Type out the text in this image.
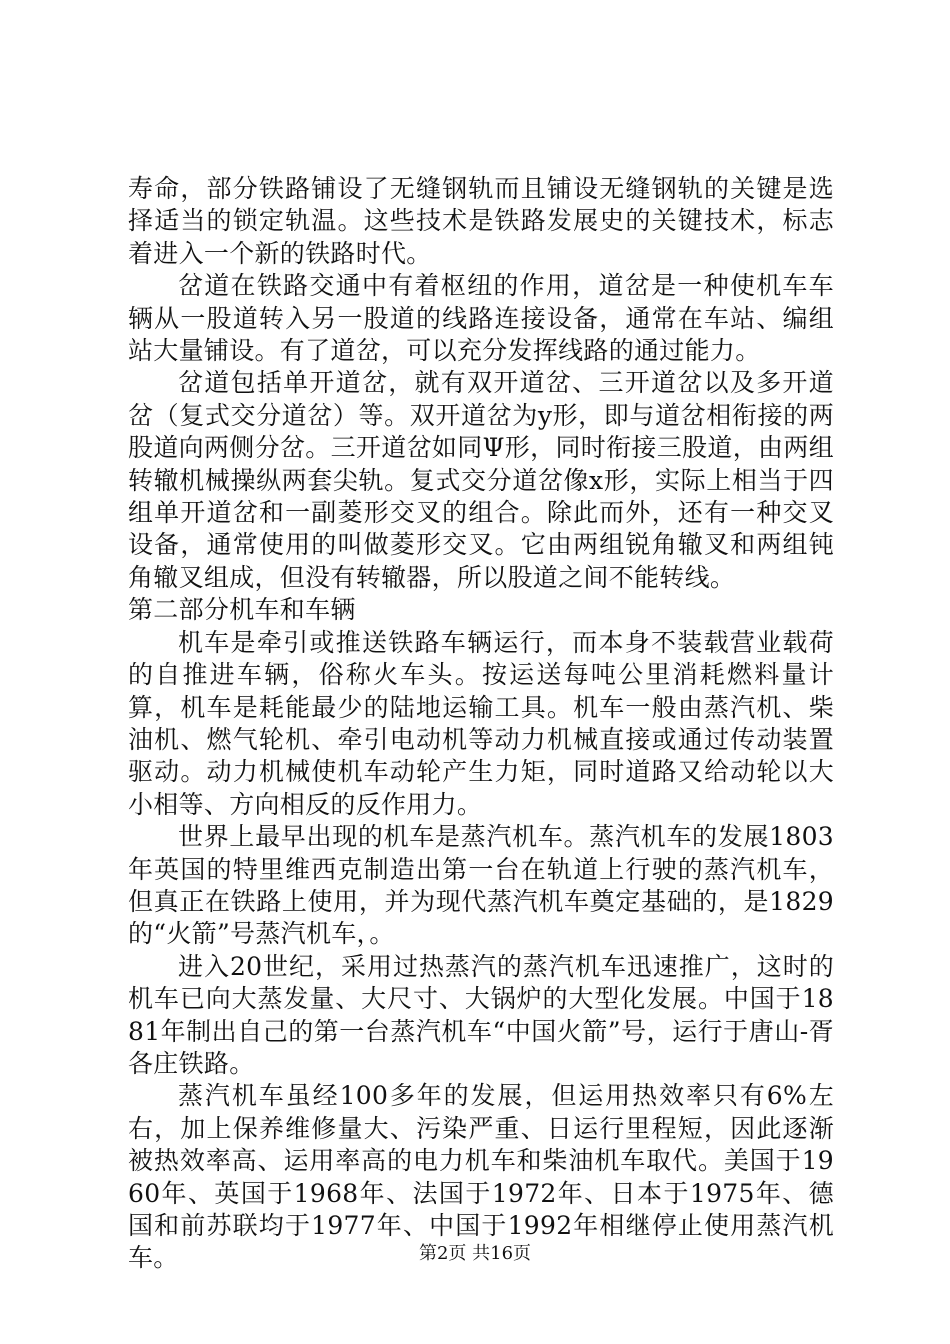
寿命，部分铁路铺设了无缝钢轨而且铺设无缝钢轨的关键是选择适当的锁定轨温。这些技术是铁路发展史的关键技术，标志着进入一个新的铁路时代。

岔道在铁路交通中有着枢纽的作用，道岔是一种使机车车辆从一股道转入另一股道的线路连接设备，通常在车站、编组站大量铺设。有了道岔，可以充分发挥线路的通过能力。

岔道包括单开道岔，就有双开道岔、三开道岔以及多开道岔（复式交分道岔）等。双开道岔为y形，即与道岔相衔接的两股道向两侧分岔。三开道岔如同Ψ形，同时衔接三股道，由两组转辙机械操纵两套尖轨。复式交分道岔像x形，实际上相当于四组单开道岔和一副菱形交叉的组合。除此而外，还有一种交叉设备，通常使用的叫做菱形交叉。它由两组锐角辙叉和两组钝角辙叉组成，但没有转辙器，所以股道之间不能转线。

第二部分机车和车辆

机车是牵引或推送铁路车辆运行，而本身不装载营业载荷的自推进车辆，俗称火车头。按运送每吨公里消耗燃料量计算，机车是耗能最少的陆地运输工具。机车一般由蒸汽机、柴油机、燃气轮机、牵引电动机等动力机械直接或通过传动装置驱动。动力机械使机车动轮产生力矩，同时道路又给动轮以大小相等、方向相反的反作用力。

世界上最早出现的机车是蒸汽机车。蒸汽机车的发展1803年英国的特里维西克制造出第一台在轨道上行驶的蒸汽机车，但真正在铁路上使用，并为现代蒸汽机车奠定基础的，是1829的“火箭”号蒸汽机车，。

进入20世纪，采用过热蒸汽的蒸汽机车迅速推广，这时的机车已向大蒸发量、大尺寸、大锅炉的大型化发展。中国于1881年制出自己的第一台蒸汽机车“中国火箭”号，运行于唐山-胥各庄铁路。

蒸汽机车虽经100多年的发展，但运用热效率只有6%左右，加上保养维修量大、污染严重、日运行里程短，因此逐渐被热效率高、运用率高的电力机车和柴油机车取代。美国于1960年、英国于1968年、法国于1972年、日本于1975年、德国和前苏联均于1977年、中国于1992年相继停止使用蒸汽机车。	第2页 共16页
